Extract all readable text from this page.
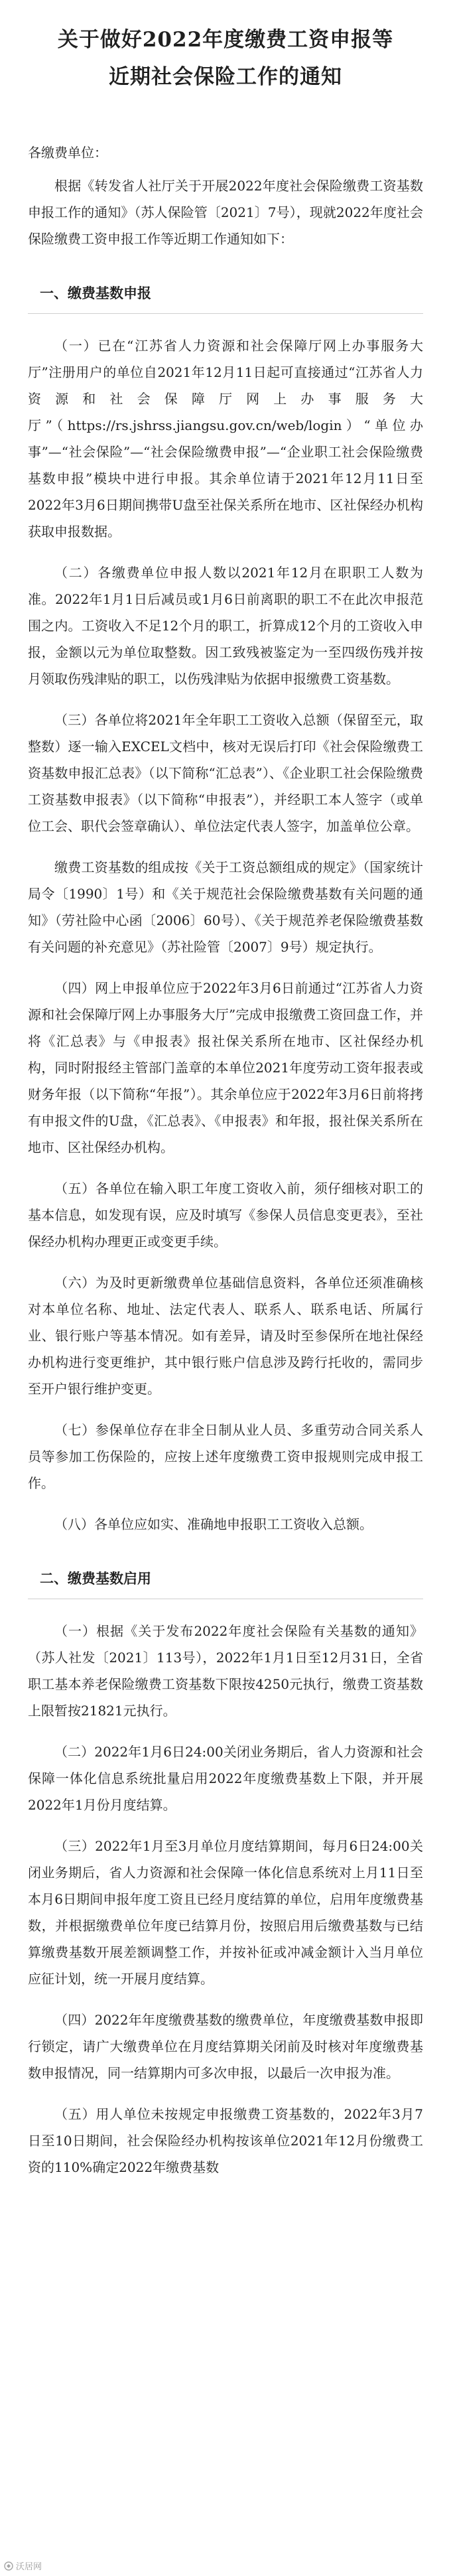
关于做好2022年度缴费工资申报等
近期社会保险工作的通知
各缴费单位：

根据《转发省人社厅关于开展2022年度社会保险缴费工资基数申报工作的通知》（苏人保险管〔2021〕7号），现就2022年度社会保险缴费工资申报工作等近期工作通知如下：

一、缴费基数申报

（一）已在“江苏省人力资源和社会保障厅网上办事服务大厅”注册用户的单位自2021年12月11日起可直接通过“江苏省人力资源和社会保障厅网上办事服务大厅”（https://rs.jshrss.jiangsu.gov.cn/web/login）“单位办事”—“社会保险”—“社会保险缴费申报”—“企业职工社会保险缴费基数申报”模块中进行申报。其余单位请于2021年12月11日至2022年3月6日期间携带U盘至社保关系所在地市、区社保经办机构获取申报数据。

（二）各缴费单位申报人数以2021年12月在职职工人数为准。2022年1月1日后减员或1月6日前离职的职工不在此次申报范围之内。工资收入不足12个月的职工，折算成12个月的工资收入申报，金额以元为单位取整数。因工致残被鉴定为一至四级伤残并按月领取伤残津贴的职工，以伤残津贴为依据申报缴费工资基数。

（三）各单位将2021年全年职工工资收入总额（保留至元，取整数）逐一输入EXCEL文档中，核对无误后打印《社会保险缴费工资基数申报汇总表》（以下简称“汇总表”）、《企业职工社会保险缴费工资基数申报表》（以下简称“申报表”），并经职工本人签字（或单位工会、职代会签章确认）、单位法定代表人签字，加盖单位公章。

缴费工资基数的组成按《关于工资总额组成的规定》（国家统计局令〔1990〕1号）和《关于规范社会保险缴费基数有关问题的通知》（劳社险中心函〔2006〕60号）、《关于规范养老保险缴费基数有关问题的补充意见》（苏社险管〔2007〕9号）规定执行。

（四）网上申报单位应于2022年3月6日前通过“江苏省人力资源和社会保障厅网上办事服务大厅”完成申报缴费工资回盘工作，并将《汇总表》与《申报表》报社保关系所在地市、区社保经办机构，同时附报经主管部门盖章的本单位2021年度劳动工资年报表或财务年报（以下简称“年报”）。其余单位应于2022年3月6日前将拷有申报文件的U盘，《汇总表》、《申报表》和年报，报社保关系所在地市、区社保经办机构。

（五）各单位在输入职工年度工资收入前，须仔细核对职工的基本信息，如发现有误，应及时填写《参保人员信息变更表》，至社保经办机构办理更正或变更手续。

（六）为及时更新缴费单位基础信息资料，各单位还须准确核对本单位名称、地址、法定代表人、联系人、联系电话、所属行业、银行账户等基本情况。如有差异，请及时至参保所在地社保经办机构进行变更维护，其中银行账户信息涉及跨行托收的，需同步至开户银行维护变更。

（七）参保单位存在非全日制从业人员、多重劳动合同关系人员等参加工伤保险的，应按上述年度缴费工资申报规则完成申报工作。

（八）各单位应如实、准确地申报职工工资收入总额。

二、缴费基数启用

（一）根据《关于发布2022年度社会保险有关基数的通知》（苏人社发〔2021〕113号），2022年1月1日至12月31日，全省职工基本养老保险缴费工资基数下限按4250元执行，缴费工资基数上限暂按21821元执行。

（二）2022年1月6日24:00关闭业务期后，省人力资源和社会保障一体化信息系统批量启用2022年度缴费基数上下限，并开展2022年1月份月度结算。

（三）2022年1月至3月单位月度结算期间，每月6日24:00关闭业务期后，省人力资源和社会保障一体化信息系统对上月11日至本月6日期间申报年度工资且已经月度结算的单位，启用年度缴费基数，并根据缴费单位年度已结算月份，按照启用后缴费基数与已结算缴费基数开展差额调整工作，并按补征或冲减金额计入当月单位应征计划，统一开展月度结算。

（四）2022年年度缴费基数的缴费单位，年度缴费基数申报即行锁定，请广大缴费单位在月度结算期关闭前及时核对年度缴费基数申报情况，同一结算期内可多次申报，以最后一次申报为准。

（五）用人单位未按规定申报缴费工资基数的，2022年3月7日至10日期间，社会保险经办机构按该单位2021年12月份缴费工资的110%确定2022年缴费基数

沃居网
